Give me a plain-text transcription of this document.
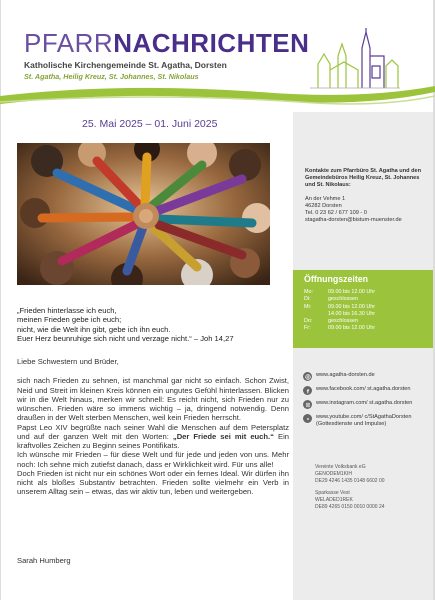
PFARRNACHRICHTEN
Katholische Kirchengemeinde St. Agatha, Dorsten
St. Agatha, Heilig Kreuz, St. Johannes, St. Nikolaus
25. Mai 2025 – 01. Juni 2025
Kontakte zum Pfarrbüro St. Agatha und den Gemeindebüros Heilig Kreuz, St. Johannes und St. Nikolaus:
An der Vehme 1
46282 Dorsten
Tel. 0 23 62 / 677 109 - 0
stagatha-dorsten@bistum-muenster.de
Öffnungszeiten
Mo:	09.00 bis 12.00 Uhr
Di:	geschlossen
Mi:	09.00 bis 12.00 Uhr
14.00 bis 16.30 Uhr
Do:	geschlossen
Fr:	09.00 bis 12.00 Uhr
www.agatha-dorsten.de
www.facebook.com/ st.agatha.dorsten
www.instagram.com/ st.agatha.dorsten
www.youtube.com/ c/StAgathaDorsten (Gottesdienste und Impulse)
Vereinte Volksbank eG
GENODEM1KIH
DE29 4246 1435 0148 6602 00
Sparkasse Vest
WELADED1REK
DE89 4265 0150 0010 0000 24
„Frieden hinterlasse ich euch,
meinen Frieden gebe ich euch;
nicht, wie die Welt ihn gibt, gebe ich ihn euch.
Euer Herz beunruhige sich nicht und verzage nicht.“ – Joh 14,27

Liebe Schwestern und Brüder,

sich nach Frieden zu sehnen, ist manchmal gar nicht so einfach. Schon Zwist, Neid und Streit im kleinen Kreis können ein ungutes Gefühl hinterlassen. Blicken wir in die Welt hinaus, merken wir schnell: Es reicht nicht, sich Frieden nur zu wünschen. Frieden wäre so immens wichtig – ja, dringend notwendig. Denn draußen in der Welt sterben Menschen, weil kein Frieden herrscht.

Papst Leo XIV begrüßte nach seiner Wahl die Menschen auf dem Petersplatz und auf der ganzen Welt mit den Worten: „Der Friede sei mit euch.“ Ein kraftvolles Zeichen zu Beginn seines Pontifikats.

Ich wünsche mir Frieden – für diese Welt und für jede und jeden von uns. Mehr noch: Ich sehne mich zutiefst danach, dass er Wirklichkeit wird. Für uns alle!

Doch Frieden ist nicht nur ein schönes Wort oder ein fernes Ideal. Wir dürfen ihn nicht als bloßes Substantiv betrachten. Frieden sollte vielmehr ein Verb in unserem Alltag sein – etwas, das wir aktiv tun, leben und weitergeben.

Sarah Humberg
